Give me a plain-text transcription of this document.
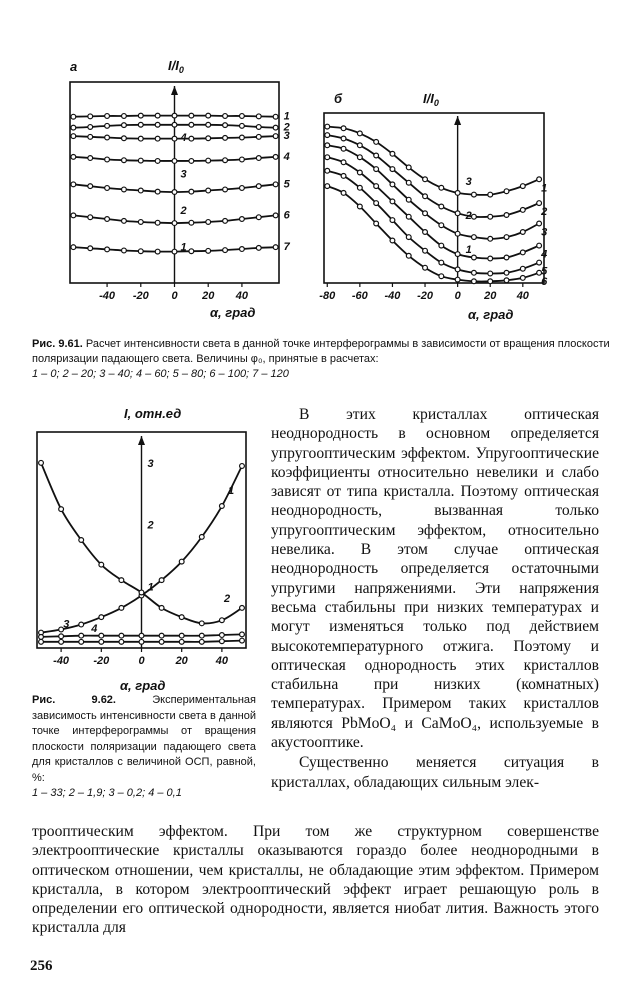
а	$I/I_0$
α, град
1
2
3
4
-40 -20 0 20 40
1
2
3
4
5
6
7
б	$I/I_0$
α, град
1
2
3
-80 -60 -40 -20 0 20 40
1
2
3
4
5
6
I, отн.ед
α, град
1
2
3
-40 -20	0	20	40
1
2
3 4
Рис. 9.61. Расчет интенсивности света в данной точке интерферограммы в зависимости от вращения плоскости поляризации падающего света. Величины φ₀, принятые в расчетах:
1 – 0; 2 – 20; 3 – 40; 4 – 60; 5 – 80; 6 – 100; 7 – 120
Рис. 9.62.	Экспериментальная зависимость интенсивности света в данной точке интерферограммы от вращения плоскости поляризации падающего света для кристаллов с величиной ОСП, равной, %:
1 – 33; 2 – 1,9; 3 – 0,2; 4 – 0,1

В этих кристаллах оптическая неоднородность в основном определяется упругооптическим эффектом. Упругооптические коэффициенты относительно невелики и слабо зависят от типа кристалла. Поэтому оптическая неоднородность, вызванная только упругооптическим эффектом, относительно невелика. В этом случае оптическая неоднородность определяется остаточными упругими напряжениями. Эти напряжения весьма стабильны при низких температурах и могут изменяться только под действием высокотемпературного отжига. Поэтому и оптическая однородность этих кристаллов стабильна при низких (комнатных) температурах. Примером таких кристаллов являются PbMoO₄ и CaMoO₄, используемые в акустооптике.

Существенно меняется ситуация в кристаллах, обладающих сильным элек-

трооптическим эффектом. При том же структурном совершенстве электрооптические кристаллы оказываются гораздо более неоднородными в оптическом отношении, чем кристаллы, не обладающие этим эффектом. Примером кристалла, в котором электрооптический эффект играет решающую роль в определении его оптической однородности, является ниобат лития. Важность этого кристалла для

256
